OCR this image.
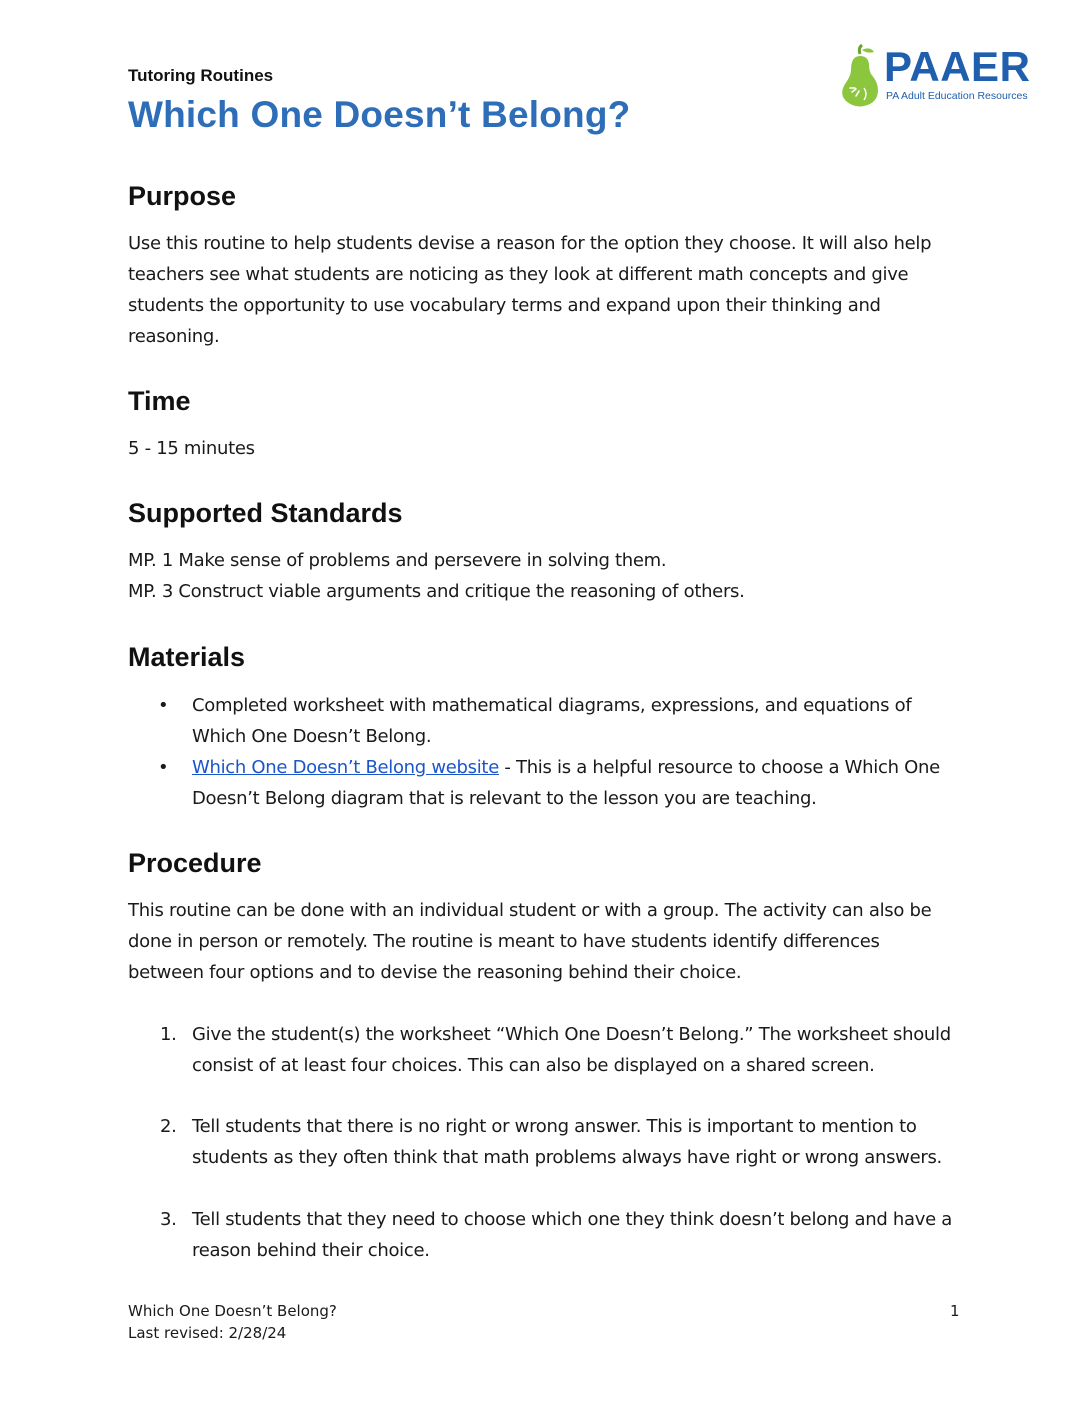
Tutoring Routines
Which One Doesn’t Belong?
PAAER
PA Adult Education Resources
Purpose

Use this routine to help students devise a reason for the option they choose. It will also help teachers see what students are noticing as they look at different math concepts and give students the opportunity to use vocabulary terms and expand upon their thinking and reasoning.

Time

5 - 15 minutes

Supported Standards

MP. 1 Make sense of problems and persevere in solving them.

MP. 3 Construct viable arguments and critique the reasoning of others.

Materials
• Completed worksheet with mathematical diagrams, expressions, and equations of Which One Doesn’t Belong.
• Which One Doesn’t Belong website - This is a helpful resource to choose a Which One Doesn’t Belong diagram that is relevant to the lesson you are teaching.
Procedure

This routine can be done with an individual student or with a group. The activity can also be done in person or remotely. The routine is meant to have students identify differences between four options and to devise the reasoning behind their choice.

1. Give the student(s) the worksheet “Which One Doesn’t Belong.” The worksheet should consist of at least four choices. This can also be displayed on a shared screen.
2. Tell students that there is no right or wrong answer. This is important to mention to students as they often think that math problems always have right or wrong answers.
3. Tell students that they need to choose which one they think doesn’t belong and have a reason behind their choice.
Which One Doesn’t Belong?
Last revised: 2/28/24
1
